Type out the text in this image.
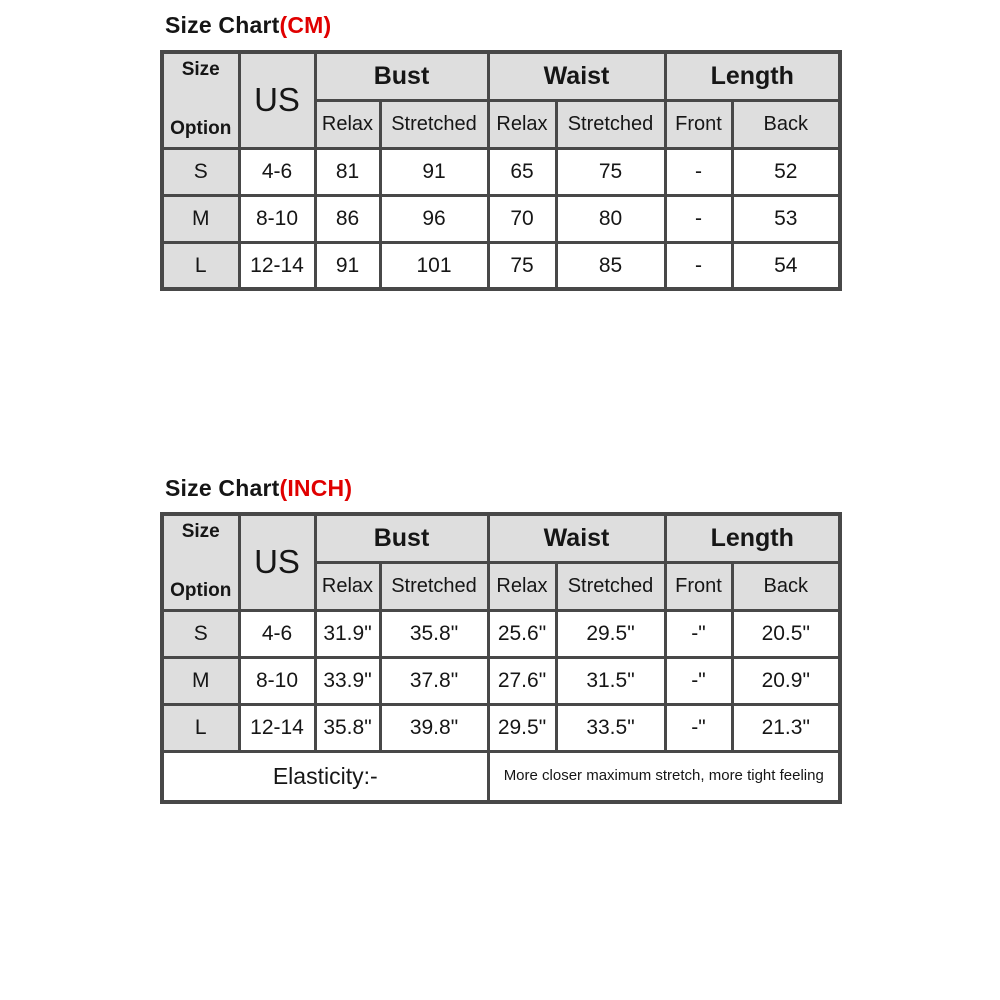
Size Chart(CM)
Size
Option	US	Bust		Waist		Length	
		Relax	Stretched	Relax	Stretched	Front	Back
S	4-6	81	91	65	75	-	52
M	8-10	86	96	70	80	-	53
L	12-14	91	101	75	85	-	54
Size Chart(INCH)
Size
Option	US	Bust		Waist		Length	
		Relax	Stretched	Relax	Stretched	Front	Back
S	4-6	31.9"	35.8"	25.6"	29.5"	-"	20.5"
M	8-10	33.9"	37.8"	27.6"	31.5"	-"	20.9"
L	12-14	35.8"	39.8"	29.5"	33.5"	-"	21.3"
Elasticity:-				More closer maximum stretch, more tight feeling			
